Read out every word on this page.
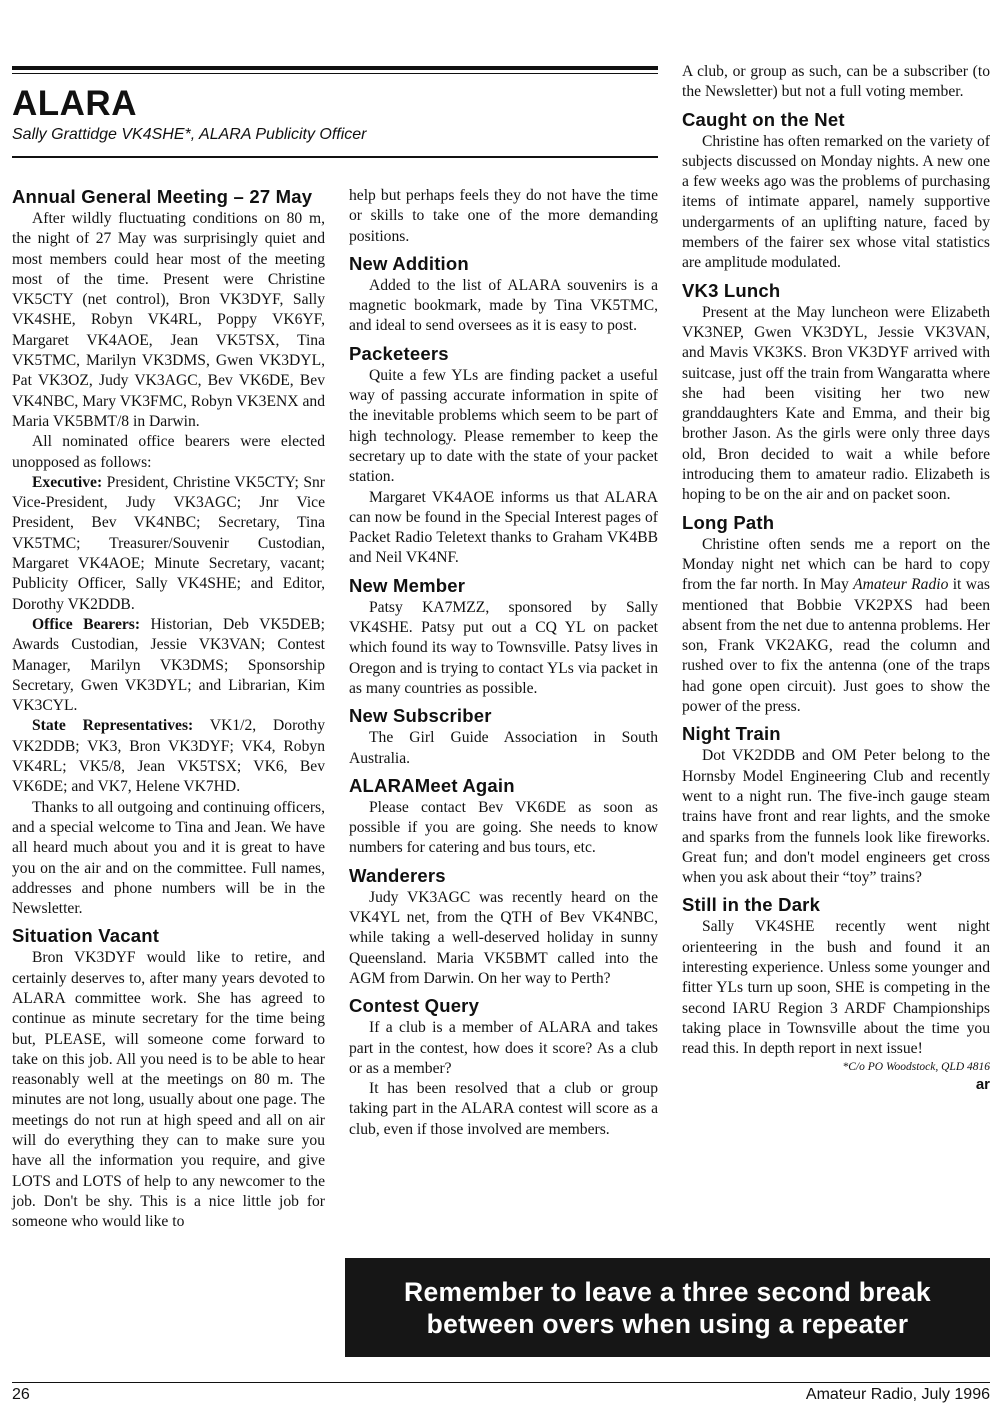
ALARA

Sally Grattidge VK4SHE*, ALARA Publicity Officer

Annual General Meeting – 27 May

After wildly fluctuating conditions on 80 m, the night of 27 May was surprisingly quiet and most members could hear most of the meeting most of the time. Present were Christine VK5CTY (net control), Bron VK3DYF, Sally VK4SHE, Robyn VK4RL, Poppy VK6YF, Margaret VK4AOE, Jean VK5TSX, Tina VK5TMC, Marilyn VK3DMS, Gwen VK3DYL, Pat VK3OZ, Judy VK3AGC, Bev VK6DE, Bev VK4NBC, Mary VK3FMC, Robyn VK3ENX and Maria VK5BMT/8 in Darwin.

All nominated office bearers were elected unopposed as follows:

Executive: President, Christine VK5CTY; Snr Vice-President, Judy VK3AGC; Jnr Vice President, Bev VK4NBC; Secretary, Tina VK5TMC; Treasurer/Souvenir Custodian, Margaret VK4AOE; Minute Secretary, vacant; Publicity Officer, Sally VK4SHE; and Editor, Dorothy VK2DDB.

Office Bearers: Historian, Deb VK5DEB; Awards Custodian, Jessie VK3VAN; Contest Manager, Marilyn VK3DMS; Sponsorship Secretary, Gwen VK3DYL; and Librarian, Kim VK3CYL.

State Representatives: VK1/2, Dorothy VK2DDB; VK3, Bron VK3DYF; VK4, Robyn VK4RL; VK5/8, Jean VK5TSX; VK6, Bev VK6DE; and VK7, Helene VK7HD.

Thanks to all outgoing and continuing officers, and a special welcome to Tina and Jean. We have all heard much about you and it is great to have you on the air and on the committee. Full names, addresses and phone numbers will be in the Newsletter.

Situation Vacant

Bron VK3DYF would like to retire, and certainly deserves to, after many years devoted to ALARA committee work. She has agreed to continue as minute secretary for the time being but, PLEASE, will someone come forward to take on this job. All you need is to be able to hear reasonably well at the meetings on 80 m. The minutes are not long, usually about one page. The meetings do not run at high speed and all on air will do everything they can to make sure you have all the information you require, and give LOTS and LOTS of help to any newcomer to the job. Don't be shy. This is a nice little job for someone who would like to

help but perhaps feels they do not have the time or skills to take one of the more demanding positions.

New Addition

Added to the list of ALARA souvenirs is a magnetic bookmark, made by Tina VK5TMC, and ideal to send oversees as it is easy to post.

Packeteers

Quite a few YLs are finding packet a useful way of passing accurate information in spite of the inevitable problems which seem to be part of high technology. Please remember to keep the secretary up to date with the state of your packet station.

Margaret VK4AOE informs us that ALARA can now be found in the Special Interest pages of Packet Radio Teletext thanks to Graham VK4BB and Neil VK4NF.

New Member

Patsy KA7MZZ, sponsored by Sally VK4SHE. Patsy put out a CQ YL on packet which found its way to Townsville. Patsy lives in Oregon and is trying to contact YLs via packet in as many countries as possible.

New Subscriber

The Girl Guide Association in South Australia.

ALARAMeet Again

Please contact Bev VK6DE as soon as possible if you are going. She needs to know numbers for catering and bus tours, etc.

Wanderers

Judy VK3AGC was recently heard on the VK4YL net, from the QTH of Bev VK4NBC, while taking a well-deserved holiday in sunny Queensland. Maria VK5BMT called into the AGM from Darwin. On her way to Perth?

Contest Query

If a club is a member of ALARA and takes part in the contest, how does it score? As a club or as a member?

It has been resolved that a club or group taking part in the ALARA contest will score as a club, even if those involved are members.

A club, or group as such, can be a subscriber (to the Newsletter) but not a full voting member.

Caught on the Net

Christine has often remarked on the variety of subjects discussed on Monday nights. A new one a few weeks ago was the problems of purchasing items of intimate apparel, namely supportive undergarments of an uplifting nature, faced by members of the fairer sex whose vital statistics are amplitude modulated.

VK3 Lunch

Present at the May luncheon were Elizabeth VK3NEP, Gwen VK3DYL, Jessie VK3VAN, and Mavis VK3KS. Bron VK3DYF arrived with suitcase, just off the train from Wangaratta where she had been visiting her two new granddaughters Kate and Emma, and their big brother Jason. As the girls were only three days old, Bron decided to wait a while before introducing them to amateur radio. Elizabeth is hoping to be on the air and on packet soon.

Long Path

Christine often sends me a report on the Monday night net which can be hard to copy from the far north. In May Amateur Radio it was mentioned that Bobbie VK2PXS had been absent from the net due to antenna problems. Her son, Frank VK2AKG, read the column and rushed over to fix the antenna (one of the traps had gone open circuit). Just goes to show the power of the press.

Night Train

Dot VK2DDB and OM Peter belong to the Hornsby Model Engineering Club and recently went to a night run. The five-inch gauge steam trains have front and rear lights, and the smoke and sparks from the funnels look like fireworks. Great fun; and don't model engineers get cross when you ask about their “toy” trains?

Still in the Dark

Sally VK4SHE recently went night orienteering in the bush and found it an interesting experience. Unless some younger and fitter YLs turn up soon, SHE is competing in the second IARU Region 3 ARDF Championships taking place in Townsville about the time you read this. In depth report in next issue!

*C/o PO Woodstock, QLD 4816

ar

Remember to leave a three second break
between overs when using a repeater
26	Amateur Radio, July 1996
